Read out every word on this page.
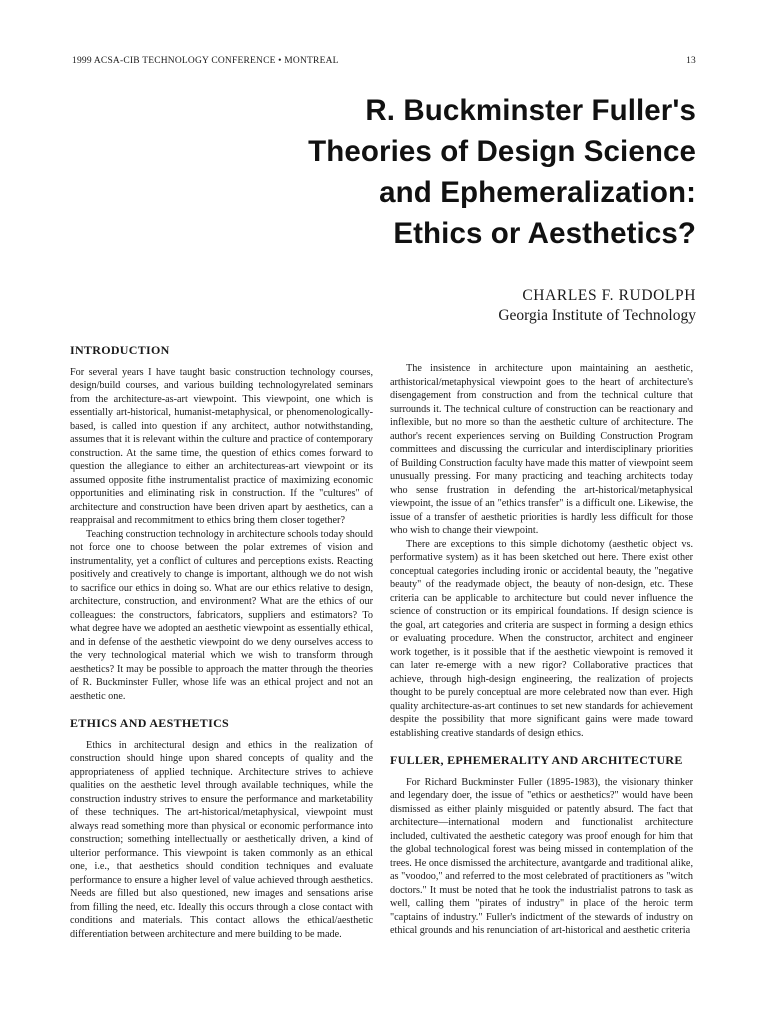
1999 ACSA-CIB TECHNOLOGY CONFERENCE • MONTREAL	13
R. Buckminster Fuller's
Theories of Design Science
and Ephemeralization:
Ethics or Aesthetics?
CHARLES F. RUDOLPH
Georgia Institute of Technology
INTRODUCTION

For several years I have taught basic construction technology courses, design/build courses, and various building technologyrelated seminars from the architecture-as-art viewpoint. This viewpoint, one which is essentially art-historical, humanist-metaphysical, or phenomenologically-based, is called into question if any architect, author notwithstanding, assumes that it is relevant within the culture and practice of contemporary construction. At the same time, the question of ethics comes forward to question the allegiance to either an architectureas-art viewpoint or its assumed opposite fithe instrumentalist practice of maximizing economic opportunities and eliminating risk in construction. If the "cultures" of architecture and construction have been driven apart by aesthetics, can a reappraisal and recommitment to ethics bring them closer together?

Teaching construction technology in architecture schools today should not force one to choose between the polar extremes of vision and instrumentality, yet a conflict of cultures and perceptions exists. Reacting positively and creatively to change is important, although we do not wish to sacrifice our ethics in doing so. What are our ethics relative to design, architecture, construction, and environment? What are the ethics of our colleagues: the constructors, fabricators, suppliers and estimators? To what degree have we adopted an aesthetic viewpoint as essentially ethical, and in defense of the aesthetic viewpoint do we deny ourselves access to the very technological material which we wish to transform through aesthetics? It may be possible to approach the matter through the theories of R. Buckminster Fuller, whose life was an ethical project and not an aesthetic one.

ETHICS AND AESTHETICS

Ethics in architectural design and ethics in the realization of construction should hinge upon shared concepts of quality and the appropriateness of applied technique. Architecture strives to achieve qualities on the aesthetic level through available techniques, while the construction industry strives to ensure the performance and marketability of these techniques. The art-historical/metaphysical, viewpoint must always read something more than physical or economic performance into construction; something intellectually or aesthetically driven, a kind of ulterior performance. This viewpoint is taken commonly as an ethical one, i.e., that aesthetics should condition techniques and evaluate performance to ensure a higher level of value achieved through aesthetics. Needs are filled but also questioned, new images and sensations arise from filling the need, etc. Ideally this occurs through a close contact with conditions and materials. This contact allows the ethical/aesthetic differentiation between architecture and mere building to be made.

The insistence in architecture upon maintaining an aesthetic, arthistorical/metaphysical viewpoint goes to the heart of architecture's disengagement from construction and from the technical culture that surrounds it. The technical culture of construction can be reactionary and inflexible, but no more so than the aesthetic culture of architecture. The author's recent experiences serving on Building Construction Program committees and discussing the curricular and interdisciplinary priorities of Building Construction faculty have made this matter of viewpoint seem unusually pressing. For many practicing and teaching architects today who sense frustration in defending the art-historical/metaphysical viewpoint, the issue of an "ethics transfer" is a difficult one. Likewise, the issue of a transfer of aesthetic priorities is hardly less difficult for those who wish to change their viewpoint.

There are exceptions to this simple dichotomy (aesthetic object vs. performative system) as it has been sketched out here. There exist other conceptual categories including ironic or accidental beauty, the "negative beauty" of the readymade object, the beauty of non-design, etc. These criteria can be applicable to architecture but could never influence the science of construction or its empirical foundations. If design science is the goal, art categories and criteria are suspect in forming a design ethics or evaluating procedure. When the constructor, architect and engineer work together, is it possible that if the aesthetic viewpoint is removed it can later re-emerge with a new rigor? Collaborative practices that achieve, through high-design engineering, the realization of projects thought to be purely conceptual are more celebrated now than ever. High quality architecture-as-art continues to set new standards for achievement despite the possibility that more significant gains were made toward establishing creative standards of design ethics.

FULLER, EPHEMERALITY AND ARCHITECTURE

For Richard Buckminster Fuller (1895-1983), the visionary thinker and legendary doer, the issue of "ethics or aesthetics?" would have been dismissed as either plainly misguided or patently absurd. The fact that architecture—international modern and functionalist architecture included, cultivated the aesthetic category was proof enough for him that the global technological forest was being missed in contemplation of the trees. He once dismissed the architecture, avantgarde and traditional alike, as "voodoo," and referred to the most celebrated of practitioners as "witch doctors." It must be noted that he took the industrialist patrons to task as well, calling them "pirates of industry" in place of the heroic term "captains of industry." Fuller's indictment of the stewards of industry on ethical grounds and his renunciation of art-historical and aesthetic criteria
